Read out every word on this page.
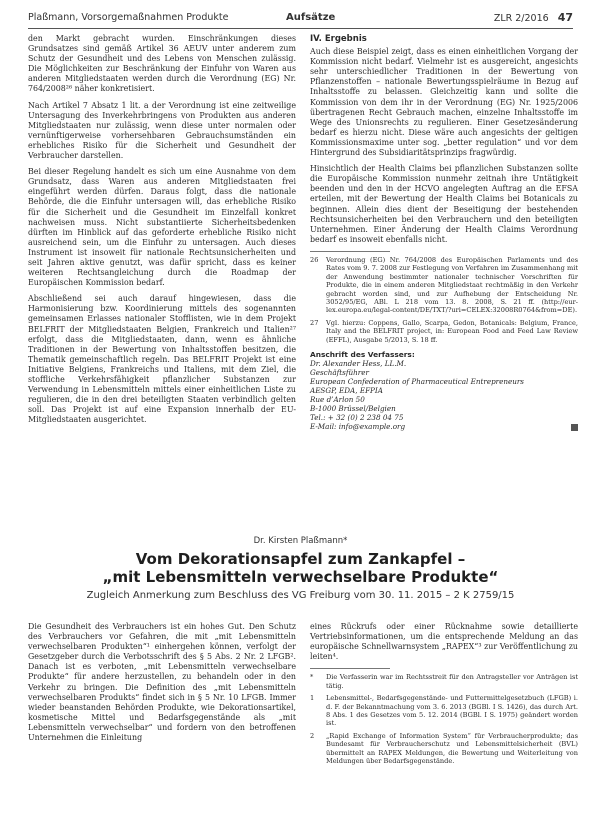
Plaßmann, Vorsorgemaßnahmen Produkte	Aufsätze	ZLR 2/2016 47

den Markt gebracht wurden. Einschränkungen dieses Grundsatzes sind gemäß Artikel 36 AEUV unter anderem zum Schutz der Gesundheit und des Lebens von Menschen zulässig. Die Möglichkeiten zur Beschränkung der Einfuhr von Waren aus anderen Mitgliedstaaten werden durch die Verordnung (EG) Nr. 764/2008²⁶ näher konkretisiert.

Nach Artikel 7 Absatz 1 lit. a der Verordnung ist eine zeitweilige Untersagung des Inverkehrbringens von Produkten aus anderen Mitgliedstaaten nur zulässig, wenn diese unter normalen oder vernünftigerweise vorhersehbaren Gebrauchsumständen ein erhebliches Risiko für die Sicherheit und Gesundheit der Verbraucher darstellen.

Bei dieser Regelung handelt es sich um eine Ausnahme von dem Grundsatz, dass Waren aus anderen Mitgliedstaaten frei eingeführt werden dürfen. Daraus folgt, dass die nationale Behörde, die die Einfuhr untersagen will, das erhebliche Risiko für die Sicherheit und die Gesundheit im Einzelfall konkret nachweisen muss. Nicht substantiierte Sicherheitsbedenken dürften im Hinblick auf das geforderte erhebliche Risiko nicht ausreichend sein, um die Einfuhr zu untersagen. Auch dieses Instrument ist insoweit für nationale Rechtsunsicherheiten und seit Jahren aktive genutzt, was dafür spricht, dass es keiner weiteren Rechtsangleichung durch die Roadmap der Europäischen Kommission bedarf.

Abschließend sei auch darauf hingewiesen, dass die Harmonisierung bzw. Koordinierung mittels des sogenannten gemeinsamen Erlasses nationaler Stofflisten, wie in dem Projekt BELFRIT der Mitgliedstaaten Belgien, Frankreich und Italien²⁷ erfolgt, dass die Mitgliedstaaten, dann, wenn es ähnliche Traditionen in der Bewertung von Inhaltsstoffen besitzen, die Thematik gemeinschaftlich regeln. Das BELFRIT Projekt ist eine Initiative Belgiens, Frankreichs und Italiens, mit dem Ziel, die stoffliche Verkehrsfähigkeit pflanzlicher Substanzen zur Verwendung in Lebensmitteln mittels einer einheitlichen Liste zu regulieren, die in den drei beteiligten Staaten verbindlich gelten soll. Das Projekt ist auf eine Expansion innerhalb der EU-Mitgliedstaaten ausgerichtet.

IV. Ergebnis

Auch diese Beispiel zeigt, dass es einen einheitlichen Vorgang der Kommission nicht bedarf. Vielmehr ist es ausgereicht, angesichts sehr unterschiedlicher Traditionen in der Bewertung von Pflanzenstoffen – nationale Bewertungsspielräume in Bezug auf Inhaltsstoffe zu belassen. Gleichzeitig kann und sollte die Kommission von dem ihr in der Verordnung (EG) Nr. 1925/2006 übertragenen Recht Gebrauch machen, einzelne Inhaltsstoffe im Wege des Unionsrechts zu regulieren. Einer Gesetzesänderung bedarf es hierzu nicht. Diese wäre auch angesichts der geltigen Kommissionsmaxime unter sog. „better regulation“ und vor dem Hintergrund des Subsidiaritätsprinzips fragwürdig.

Hinsichtlich der Health Claims bei pflanzlichen Substanzen sollte die Europäische Kommission nunmehr zeitnah ihre Untätigkeit beenden und den in der HCVO angelegten Auftrag an die EFSA erteilen, mit der Bewertung der Health Claims bei Botanicals zu beginnen. Allein dies dient der Beseitigung der bestehenden Rechtsunsicherheiten bei den Verbrauchern und den beteiligten Unternehmen. Einer Änderung der Health Claims Verordnung bedarf es insoweit ebenfalls nicht.

26	Verordnung (EG) Nr. 764/2008 des Europäischen Parlaments und des Rates vom 9. 7. 2008 zur Festlegung von Verfahren im Zusammenhang mit der Anwendung bestimmter nationaler technischer Vorschriften für Produkte, die in einem anderen Mitgliedstaat rechtmäßig in den Verkehr gebracht worden sind, und zur Aufhebung der Entscheidung Nr. 3052/95/EG, ABl. L 218 vom 13. 8. 2008, S. 21 ff. (http://eur-lex.europa.eu/legal-content/DE/TXT/?uri=CELEX:32008R0764&from=DE).
27	Vgl. hierzu: Coppens, Gallo, Scarpa, Gedon, Botanicals: Belgium, France, Italy and the BELFRIT project, in: European Food and Feed Law Review (EFFL), Ausgabe 5/2013, S. 18 ff.
Anschrift des Verfassers:
Dr. Alexander Hess, LL.M.
Geschäftsführer
European Confederation of Pharmaceutical Entrepreneurs
AESGP, EDA, EFPIA
Rue d’Arlon 50
B-1000 Brüssel/Belgien
Tel.: + 32 (0) 2 238 04 75
E-Mail: info@example.org
Dr. Kirsten Plaßmann*
Vom Dekorationsapfel zum Zankapfel –
„mit Lebensmitteln verwechselbare Produkte“
Zugleich Anmerkung zum Beschluss des VG Freiburg vom 30. 11. 2015 – 2 K 2759/15

Die Gesundheit des Verbrauchers ist ein hohes Gut. Den Schutz des Verbrauchers vor Gefahren, die mit „mit Lebensmitteln verwechselbaren Produkten“¹ einhergehen können, verfolgt der Gesetzgeber durch die Verbotsschrift des § 5 Abs. 2 Nr. 2 LFGB². Danach ist es verboten, „mit Lebensmitteln verwechselbare Produkte“ für andere herzustellen, zu behandeln oder in den Verkehr zu bringen. Die Definition des „mit Lebensmitteln verwechselbaren Produkts“ findet sich in § 5 Nr. 10 LFGB. Immer wieder beanstanden Behörden Produkte, wie Dekorationsartikel, kosmetische Mittel und Bedarfsgegenstände als „mit Lebensmitteln verwechselbar“ und fordern von den betroffenen Unternehmen die Einleitung

eines Rückrufs oder einer Rücknahme sowie detaillierte Vertriebsinformationen, um die entsprechende Meldung an das europäische Schnellwarnsystem „RAPEX“³ zur Veröffentlichung zu leiten⁴.

*	Die Verfasserin war im Rechtsstreit für den Antragsteller vor Anträgen ist tätig.
1	Lebensmittel-, Bedarfsgegenstände- und Futtermittelgesetzbuch (LFGB) i. d. F. der Bekanntmachung vom 3. 6. 2013 (BGBl. I S. 1426), das durch Art. 8 Abs. 1 des Gesetzes vom 5. 12. 2014 (BGBl. I S. 1975) geändert worden ist.
2	„Rapid Exchange of Information System“ für Verbraucherprodukte; das Bundesamt für Verbraucherschutz und Lebensmittelsicherheit (BVL) übermittelt an RAPEX Meldungen, die Bewertung und Weiterleitung von Meldungen über Bedarfsgegenstände.
